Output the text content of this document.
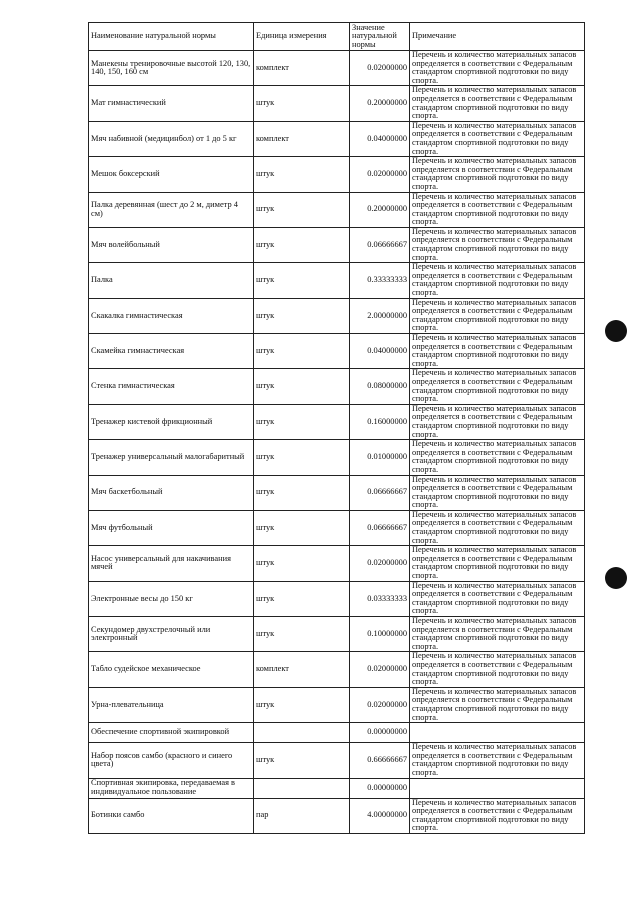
Наименование натуральной нормы	Единица измерения	Значение натуральной нормы	Примечание
Манекены тренировочные высотой 120, 130, 140, 150, 160 см	комплект	0.02000000	Перечень и количество материальных запасов определяется в соответствии с Федеральным стандартом спортивной подготовки по виду спорта.
Мат гимнастический	штук	0.20000000	Перечень и количество материальных запасов определяется в соответствии с Федеральным стандартом спортивной подготовки по виду спорта.
Мяч набивной (медицинбол) от 1 до 5 кг	комплект	0.04000000	Перечень и количество материальных запасов определяется в соответствии с Федеральным стандартом спортивной подготовки по виду спорта.
Мешок боксерский	штук	0.02000000	Перечень и количество материальных запасов определяется в соответствии с Федеральным стандартом спортивной подготовки по виду спорта.
Палка деревянная (шест до 2 м, диметр 4 см)	штук	0.20000000	Перечень и количество материальных запасов определяется в соответствии с Федеральным стандартом спортивной подготовки по виду спорта.
Мяч волейбольный	штук	0.06666667	Перечень и количество материальных запасов определяется в соответствии с Федеральным стандартом спортивной подготовки по виду спорта.
Палка	штук	0.33333333	Перечень и количество материальных запасов определяется в соответствии с Федеральным стандартом спортивной подготовки по виду спорта.
Скакалка гимнастическая	штук	2.00000000	Перечень и количество материальных запасов определяется в соответствии с Федеральным стандартом спортивной подготовки по виду спорта.
Скамейка гимнастическая	штук	0.04000000	Перечень и количество материальных запасов определяется в соответствии с Федеральным стандартом спортивной подготовки по виду спорта.
Стенка гимнастическая	штук	0.08000000	Перечень и количество материальных запасов определяется в соответствии с Федеральным стандартом спортивной подготовки по виду спорта.
Тренажер кистевой фрикционный	штук	0.16000000	Перечень и количество материальных запасов определяется в соответствии с Федеральным стандартом спортивной подготовки по виду спорта.
Тренажер универсальный малогабаритный	штук	0.01000000	Перечень и количество материальных запасов определяется в соответствии с Федеральным стандартом спортивной подготовки по виду спорта.
Мяч баскетбольный	штук	0.06666667	Перечень и количество материальных запасов определяется в соответствии с Федеральным стандартом спортивной подготовки по виду спорта.
Мяч футбольный	штук	0.06666667	Перечень и количество материальных запасов определяется в соответствии с Федеральным стандартом спортивной подготовки по виду спорта.
Насос универсальный для накачивания мячей	штук	0.02000000	Перечень и количество материальных запасов определяется в соответствии с Федеральным стандартом спортивной подготовки по виду спорта.
Электронные весы до 150 кг	штук	0.03333333	Перечень и количество материальных запасов определяется в соответствии с Федеральным стандартом спортивной подготовки по виду спорта.
Секундомер двухстрелочный или электронный	штук	0.10000000	Перечень и количество материальных запасов определяется в соответствии с Федеральным стандартом спортивной подготовки по виду спорта.
Табло судейское механическое	комплект	0.02000000	Перечень и количество материальных запасов определяется в соответствии с Федеральным стандартом спортивной подготовки по виду спорта.
Урна-плевательница	штук	0.02000000	Перечень и количество материальных запасов определяется в соответствии с Федеральным стандартом спортивной подготовки по виду спорта.
Обеспечение спортивной экипировкой		0.00000000	
Набор поясов самбо (красного и синего цвета)	штук	0.66666667	Перечень и количество материальных запасов определяется в соответствии с Федеральным стандартом спортивной подготовки по виду спорта.
Спортивная экипировка, передаваемая в индивидуальное пользование		0.00000000	
Ботинки самбо	пар	4.00000000	Перечень и количество материальных запасов определяется в соответствии с Федеральным стандартом спортивной подготовки по виду спорта.
